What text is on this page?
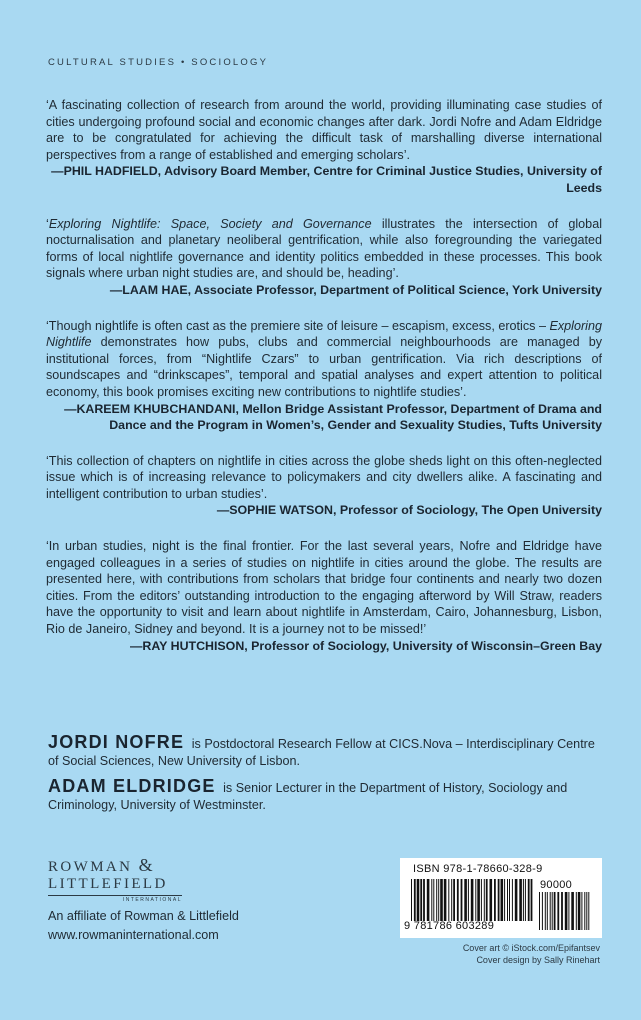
CULTURAL STUDIES • SOCIOLOGY

‘A fascinating collection of research from around the world, providing illuminating case studies of cities undergoing profound social and economic changes after dark. Jordi Nofre and Adam Eldridge are to be congratulated for achieving the difficult task of marshalling diverse international perspectives from a range of established and emerging scholars’.

—PHIL HADFIELD, Advisory Board Member, Centre for Criminal Justice Studies, University of Leeds

‘Exploring Nightlife: Space, Society and Governance illustrates the intersection of global nocturnalisation and planetary neoliberal gentrification, while also foregrounding the variegated forms of local nightlife governance and identity politics embedded in these processes. This book signals where urban night studies are, and should be, heading’.

—LAAM HAE, Associate Professor, Department of Political Science, York University

‘Though nightlife is often cast as the premiere site of leisure – escapism, excess, erotics – Exploring Nightlife demonstrates how pubs, clubs and commercial neighbourhoods are managed by institutional forces, from “Nightlife Czars” to urban gentrification. Via rich descriptions of soundscapes and “drinkscapes”, temporal and spatial analyses and expert attention to political economy, this book promises exciting new contributions to nightlife studies’.

—KAREEM KHUBCHANDANI, Mellon Bridge Assistant Professor, Department of Drama and Dance and the Program in Women’s, Gender and Sexuality Studies, Tufts University

‘This collection of chapters on nightlife in cities across the globe sheds light on this often-neglected issue which is of increasing relevance to policymakers and city dwellers alike. A fascinating and intelligent contribution to urban studies’.

—SOPHIE WATSON, Professor of Sociology, The Open University

‘In urban studies, night is the final frontier. For the last several years, Nofre and Eldridge have engaged colleagues in a series of studies on nightlife in cities around the globe. The results are presented here, with contributions from scholars that bridge four continents and nearly two dozen cities. From the editors’ outstanding introduction to the engaging afterword by Will Straw, readers have the opportunity to visit and learn about nightlife in Amsterdam, Cairo, Johannesburg, Lisbon, Rio de Janeiro, Sidney and beyond. It is a journey not to be missed!’

—RAY HUTCHISON, Professor of Sociology, University of Wisconsin–Green Bay

JORDI NOFRE is Postdoctoral Research Fellow at CICS.Nova – Interdisciplinary Centre of Social Sciences, New University of Lisbon.

ADAM ELDRIDGE is Senior Lecturer in the Department of History, Sociology and Criminology, University of Westminster.

ROWMAN &
LITTLEFIELD
INTERNATIONAL
An affiliate of Rowman & Littlefield
www.rowmaninternational.com
ISBN 978-1-78660-328-9
9 781786 603289
90000
Cover art © iStock.com/Epifantsev
Cover design by Sally Rinehart
